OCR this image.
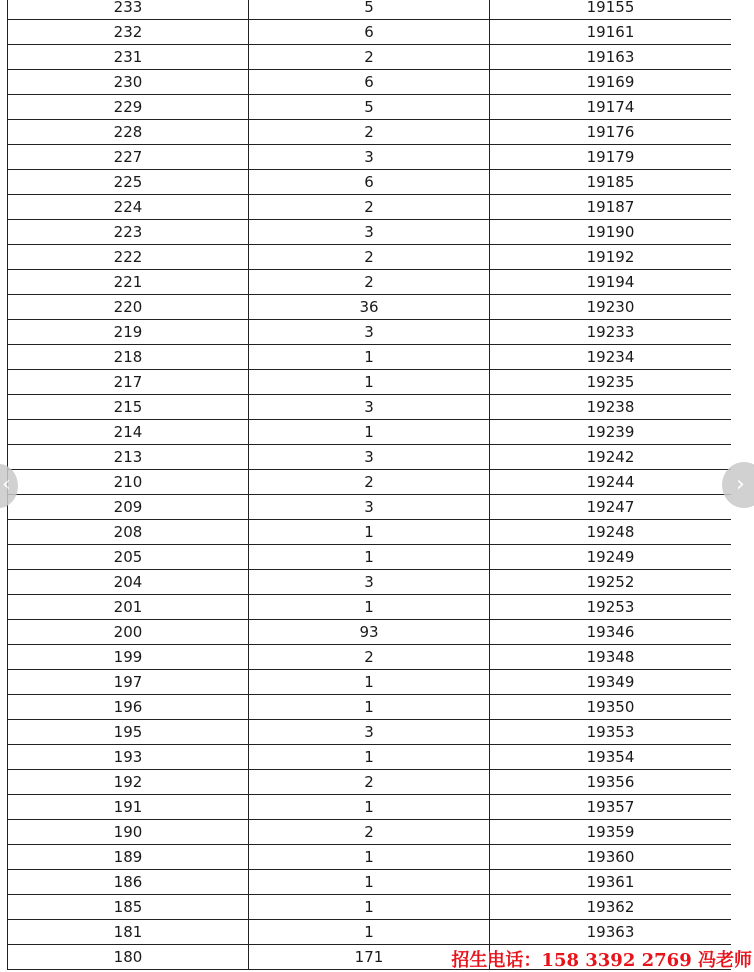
233	5	19155
232	6	19161
231	2	19163
230	6	19169
229	5	19174
228	2	19176
227	3	19179
225	6	19185
224	2	19187
223	3	19190
222	2	19192
221	2	19194
220	36	19230
219	3	19233
218	1	19234
217	1	19235
215	3	19238
214	1	19239
213	3	19242
210	2	19244
209	3	19247
208	1	19248
205	1	19249
204	3	19252
201	1	19253
200	93	19346
199	2	19348
197	1	19349
196	1	19350
195	3	19353
193	1	19354
192	2	19356
191	1	19357
190	2	19359
189	1	19360
186	1	19361
185	1	19362
181	1	19363
180	171	
‹	›
招生电话：158 3392 2769 冯老师
